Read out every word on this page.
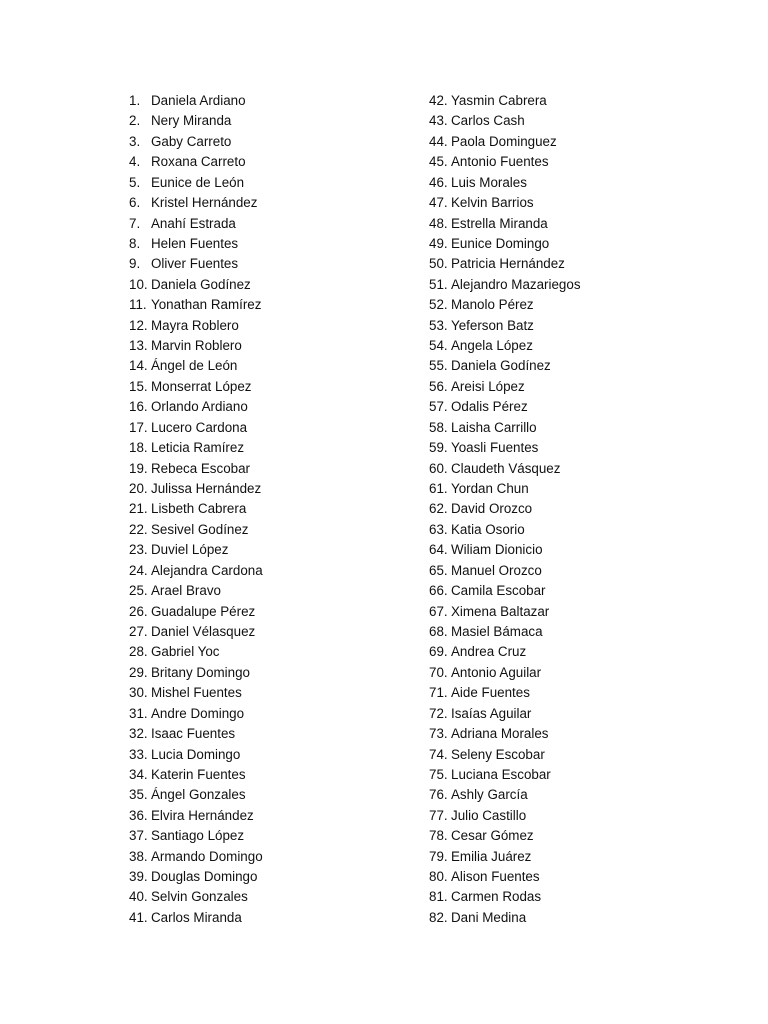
1. Daniela Ardiano
2. Nery Miranda
3. Gaby Carreto
4. Roxana Carreto
5. Eunice de León
6. Kristel Hernández
7. Anahí Estrada
8. Helen Fuentes
9. Oliver Fuentes
10. Daniela Godínez
11. Yonathan Ramírez
12. Mayra Roblero
13. Marvin Roblero
14. Ángel de León
15. Monserrat López
16. Orlando Ardiano
17. Lucero Cardona
18. Leticia Ramírez
19. Rebeca Escobar
20. Julissa Hernández
21. Lisbeth Cabrera
22. Sesivel Godínez
23. Duviel López
24. Alejandra Cardona
25. Arael Bravo
26. Guadalupe Pérez
27. Daniel Vélasquez
28. Gabriel Yoc
29. Britany Domingo
30. Mishel Fuentes
31. Andre Domingo
32. Isaac Fuentes
33. Lucia Domingo
34. Katerin Fuentes
35. Ángel Gonzales
36. Elvira Hernández
37. Santiago López
38. Armando Domingo
39. Douglas Domingo
40. Selvin Gonzales
41. Carlos Miranda
42. Yasmin Cabrera
43. Carlos Cash
44. Paola Dominguez
45. Antonio Fuentes
46. Luis Morales
47. Kelvin Barrios
48. Estrella Miranda
49. Eunice Domingo
50. Patricia Hernández
51. Alejandro Mazariegos
52. Manolo Pérez
53. Yeferson Batz
54. Angela López
55. Daniela Godínez
56. Areisi López
57. Odalis Pérez
58. Laisha Carrillo
59. Yoasli Fuentes
60. Claudeth Vásquez
61. Yordan Chun
62. David Orozco
63. Katia Osorio
64. Wiliam Dionicio
65. Manuel Orozco
66. Camila Escobar
67. Ximena Baltazar
68. Masiel Bámaca
69. Andrea Cruz
70. Antonio Aguilar
71. Aide Fuentes
72. Isaías Aguilar
73. Adriana Morales
74. Seleny Escobar
75. Luciana Escobar
76. Ashly García
77. Julio Castillo
78. Cesar Gómez
79. Emilia Juárez
80. Alison Fuentes
81. Carmen Rodas
82. Dani Medina
